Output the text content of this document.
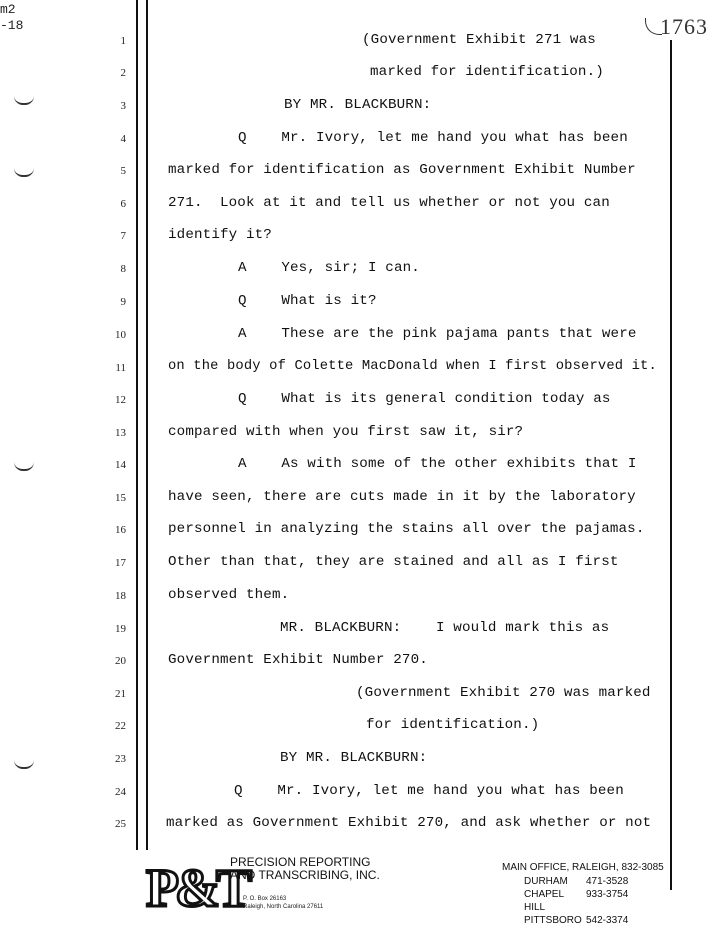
m2
-18	1763
1
2
3
4
5
6
7
8
9
10
11
12
13
14
15
16
17
18
19
20
21
22
23
24
25
(Government Exhibit 271 was
marked for identification.)
BY MR. BLACKBURN:
Q    Mr. Ivory, let me hand you what has been
marked for identification as Government Exhibit Number
271.  Look at it and tell us whether or not you can
identify it?
A    Yes, sir; I can.
Q    What is it?
A    These are the pink pajama pants that were
on the body of Colette MacDonald when I first observed it.
Q    What is its general condition today as
compared with when you first saw it, sir?
A    As with some of the other exhibits that I
have seen, there are cuts made in it by the laboratory
personnel in analyzing the stains all over the pajamas.
Other than that, they are stained and all as I first
observed them.
MR. BLACKBURN:    I would mark this as
Government Exhibit Number 270.
(Government Exhibit 270 was marked
for identification.)
BY MR. BLACKBURN:
Q    Mr. Ivory, let me hand you what has been
marked as Government Exhibit 270, and ask whether or not
P&T
PRECISION REPORTING
AND TRANSCRIBING, INC.
P. O. Box 26163
Raleigh, North Carolina 27611
MAIN OFFICE, RALEIGH, 832-3085
DURHAM	471-3528
CHAPEL HILL
933-3754
PITTSBORO 542-3374
